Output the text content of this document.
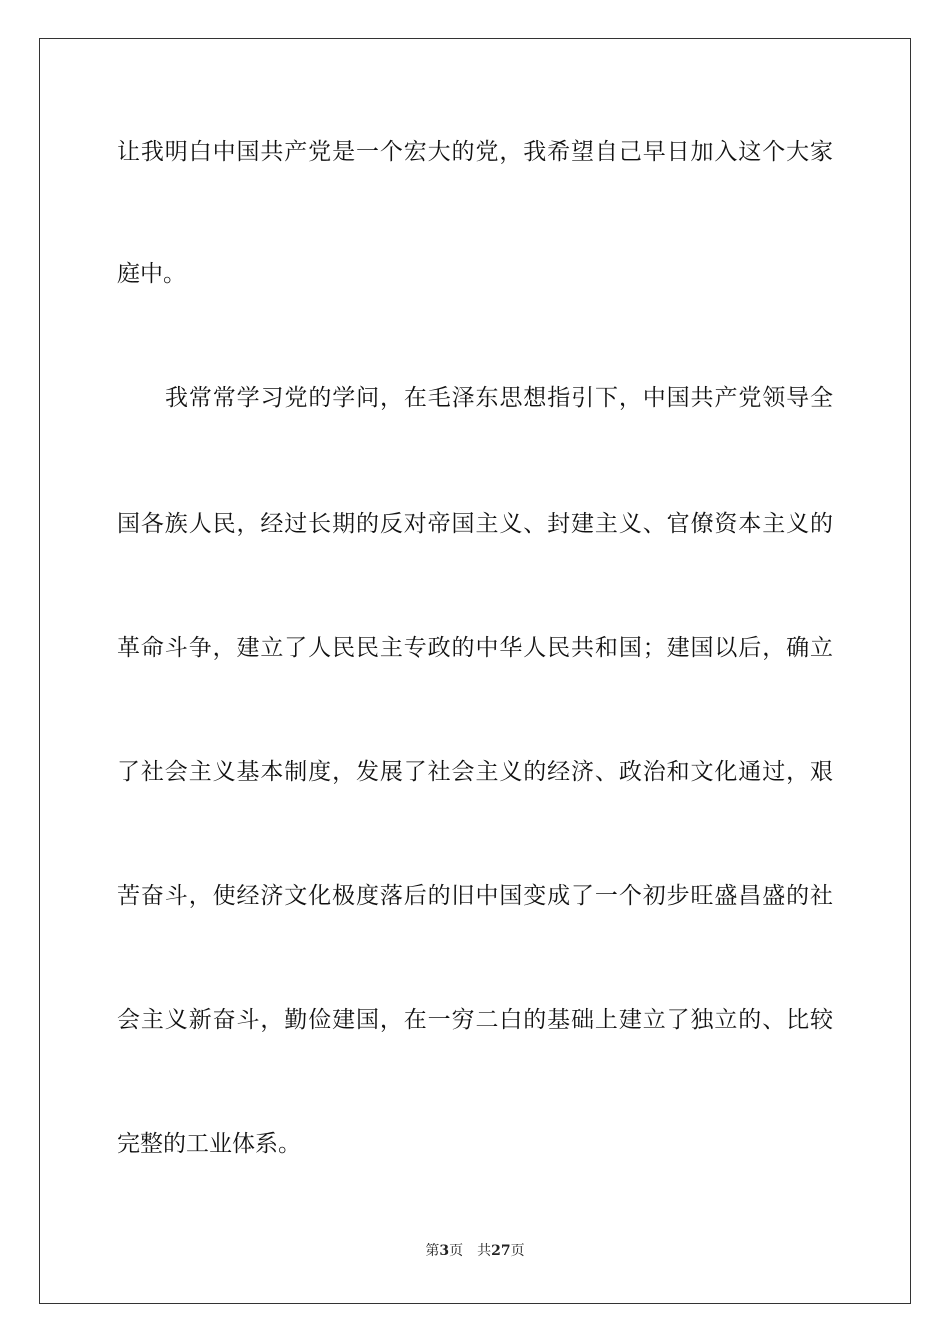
让我明白中国共产党是一个宏大的党，我希望自己早日加入这个大家
庭中。
我常常学习党的学问，在毛泽东思想指引下，中国共产党领导全
国各族人民，经过长期的反对帝国主义、封建主义、官僚资本主义的
革命斗争，建立了人民民主专政的中华人民共和国；建国以后，确立
了社会主义基本制度，发展了社会主义的经济、政治和文化通过，艰
苦奋斗，使经济文化极度落后的旧中国变成了一个初步旺盛昌盛的社
会主义新奋斗，勤俭建国，在一穷二白的基础上建立了独立的、比较
完整的工业体系。
第3页 共27页
